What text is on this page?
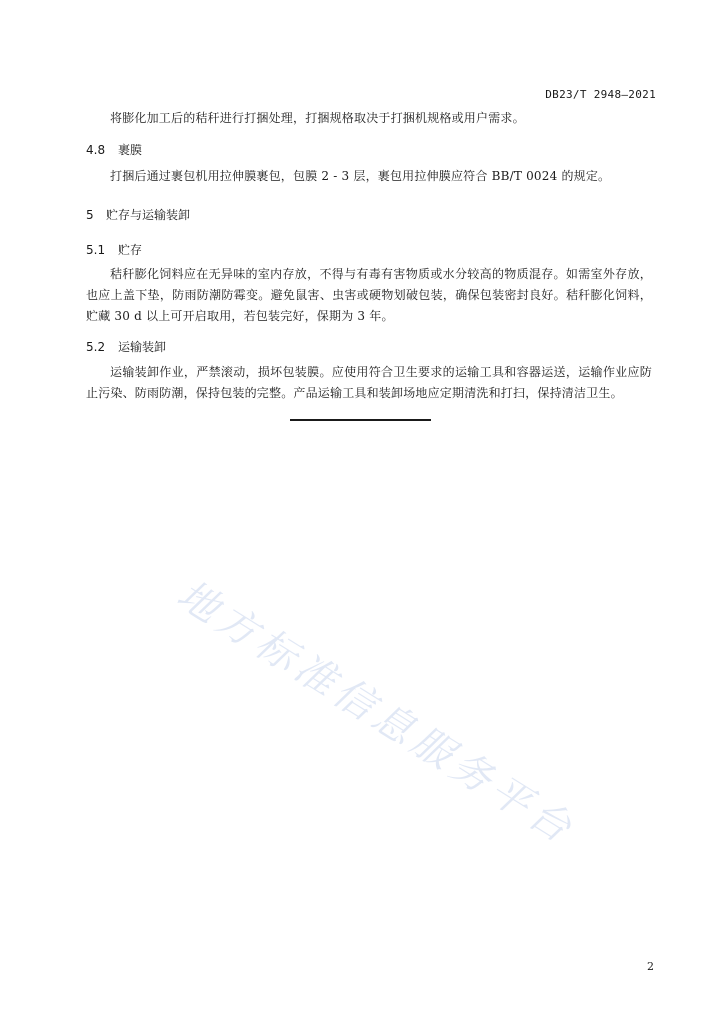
DB23/T 2948—2021

将膨化加工后的秸秆进行打捆处理，打捆规格取决于打捆机规格或用户需求。

4.8 裹膜

打捆后通过裹包机用拉伸膜裹包，包膜 2 - 3 层，裹包用拉伸膜应符合 BB/T 0024 的规定。

5 贮存与运输装卸
5.1 贮存

秸秆膨化饲料应在无异味的室内存放，不得与有毒有害物质或水分较高的物质混存。如需室外存放，也应上盖下垫，防雨防潮防霉变。避免鼠害、虫害或硬物划破包装，确保包装密封良好。秸秆膨化饲料，贮藏 30 d 以上可开启取用，若包装完好，保期为 3 年。

5.2 运输装卸

运输装卸作业，严禁滚动，损坏包装膜。应使用符合卫生要求的运输工具和容器运送，运输作业应防止污染、防雨防潮，保持包装的完整。产品运输工具和装卸场地应定期清洗和打扫，保持清洁卫生。

地方标准信息服务平台
2
